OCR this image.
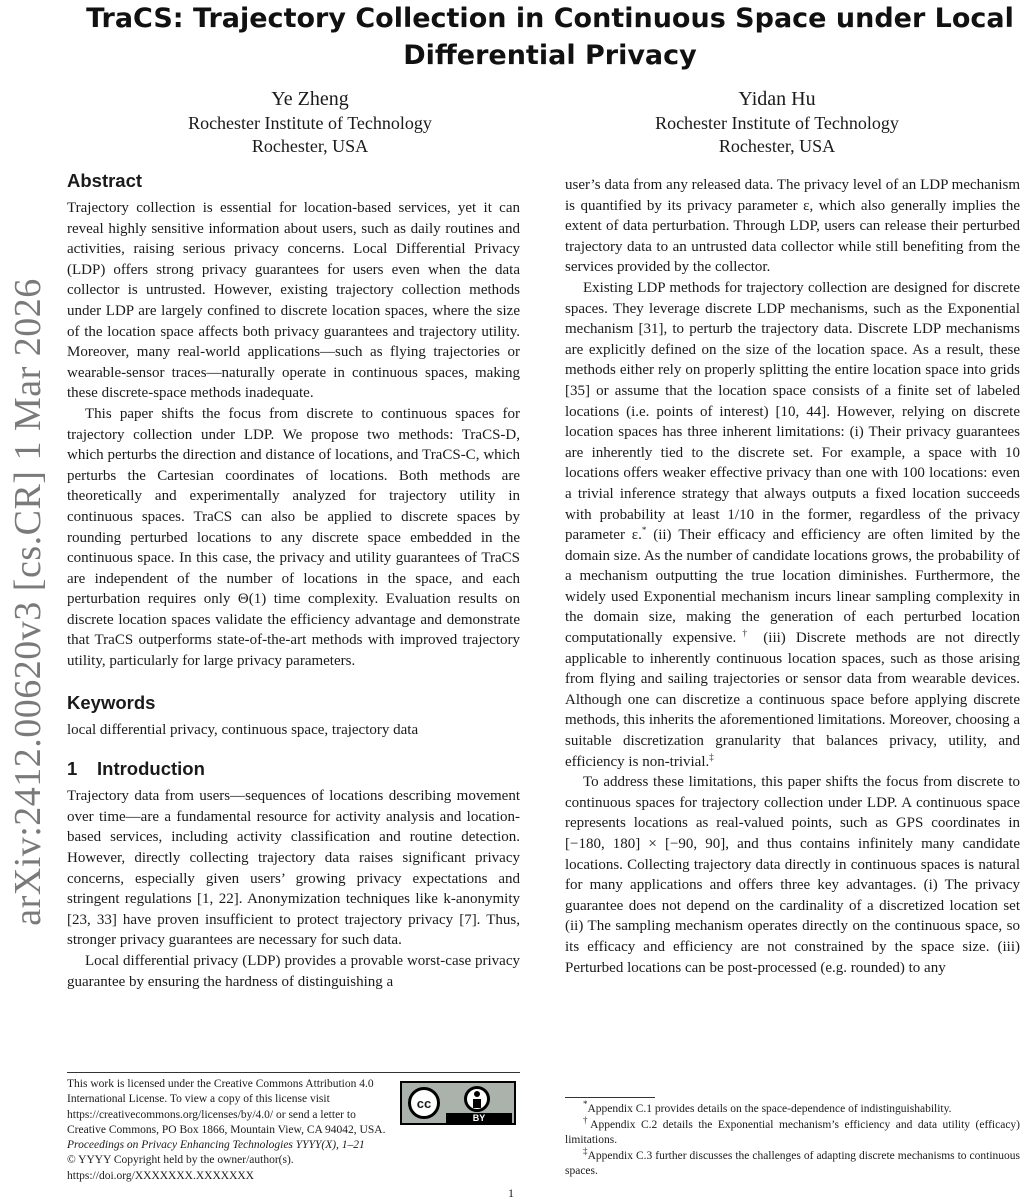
arXiv:2412.00620v3 [cs.CR] 1 Mar 2026
TraCS: Trajectory Collection in Continuous Space under Local
Differential Privacy
Ye Zheng
Rochester Institute of Technology
Rochester, USA
Yidan Hu
Rochester Institute of Technology
Rochester, USA
Abstract

Trajectory collection is essential for location-based services, yet it can reveal highly sensitive information about users, such as daily routines and activities, raising serious privacy concerns. Local Differential Privacy (LDP) offers strong privacy guarantees for users even when the data collector is untrusted. However, existing trajectory collection methods under LDP are largely confined to discrete location spaces, where the size of the location space affects both privacy guarantees and trajectory utility. Moreover, many real-world applications—such as flying trajectories or wearable-sensor traces—naturally operate in continuous spaces, making these discrete-space methods inadequate.

This paper shifts the focus from discrete to continuous spaces for trajectory collection under LDP. We propose two methods: TraCS-D, which perturbs the direction and distance of locations, and TraCS-C, which perturbs the Cartesian coordinates of locations. Both methods are theoretically and experimentally analyzed for trajectory utility in continuous spaces. TraCS can also be applied to discrete spaces by rounding perturbed locations to any discrete space embedded in the continuous space. In this case, the privacy and utility guarantees of TraCS are independent of the number of locations in the space, and each perturbation requires only Θ(1) time complexity. Evaluation results on discrete location spaces validate the efficiency advantage and demonstrate that TraCS outperforms state-of-the-art methods with improved trajectory utility, particularly for large privacy parameters.

Keywords

local differential privacy, continuous space, trajectory data

1 Introduction

Trajectory data from users—sequences of locations describing movement over time—are a fundamental resource for activity analysis and location-based services, including activity classification and routine detection. However, directly collecting trajectory data raises significant privacy concerns, especially given users’ growing privacy expectations and stringent regulations [1, 22]. Anonymization techniques like k-anonymity [23, 33] have proven insufficient to protect trajectory privacy [7]. Thus, stronger privacy guarantees are necessary for such data.

Local differential privacy (LDP) provides a provable worst-case privacy guarantee by ensuring the hardness of distinguishing a

user’s data from any released data. The privacy level of an LDP mechanism is quantified by its privacy parameter ε, which also generally implies the extent of data perturbation. Through LDP, users can release their perturbed trajectory data to an untrusted data collector while still benefiting from the services provided by the collector.

Existing LDP methods for trajectory collection are designed for discrete spaces. They leverage discrete LDP mechanisms, such as the Exponential mechanism [31], to perturb the trajectory data. Discrete LDP mechanisms are explicitly defined on the size of the location space. As a result, these methods either rely on properly splitting the entire location space into grids [35] or assume that the location space consists of a finite set of labeled locations (i.e. points of interest) [10, 44]. However, relying on discrete location spaces has three inherent limitations: (i) Their privacy guarantees are inherently tied to the discrete set. For example, a space with 10 locations offers weaker effective privacy than one with 100 locations: even a trivial inference strategy that always outputs a fixed location succeeds with probability at least 1/10 in the former, regardless of the privacy parameter ε.* (ii) Their efficacy and efficiency are often limited by the domain size. As the number of candidate locations grows, the probability of a mechanism outputting the true location diminishes. Furthermore, the widely used Exponential mechanism incurs linear sampling complexity in the domain size, making the generation of each perturbed location computationally expensive.† (iii) Discrete methods are not directly applicable to inherently continuous location spaces, such as those arising from flying and sailing trajectories or sensor data from wearable devices. Although one can discretize a continuous space before applying discrete methods, this inherits the aforementioned limitations. Moreover, choosing a suitable discretization granularity that balances privacy, utility, and efficiency is non-trivial.‡

To address these limitations, this paper shifts the focus from discrete to continuous spaces for trajectory collection under LDP. A continuous space represents locations as real-valued points, such as GPS coordinates in [−180, 180] × [−90, 90], and thus contains infinitely many candidate locations. Collecting trajectory data directly in continuous spaces is natural for many applications and offers three key advantages. (i) The privacy guarantee does not depend on the cardinality of a discretized location set (ii) The sampling mechanism operates directly on the continuous space, so its efficacy and efficiency are not constrained by the space size. (iii) Perturbed locations can be post-processed (e.g. rounded) to any

This work is licensed under the Creative Commons Attribution 4.0 International License. To view a copy of this license visit https://creativecommons.org/licenses/by/4.0/ or send a letter to Creative Commons, PO Box 1866, Mountain View, CA 94042, USA.
Proceedings on Privacy Enhancing Technologies YYYY(X), 1–21
© YYYY Copyright held by the owner/author(s).
https://doi.org/XXXXXXX.XXXXXXX
cc
BY

*Appendix C.1 provides details on the space-dependence of indistinguishability.

†Appendix C.2 details the Exponential mechanism’s efficiency and data utility (efficacy) limitations.

‡Appendix C.3 further discusses the challenges of adapting discrete mechanisms to continuous spaces.

1
